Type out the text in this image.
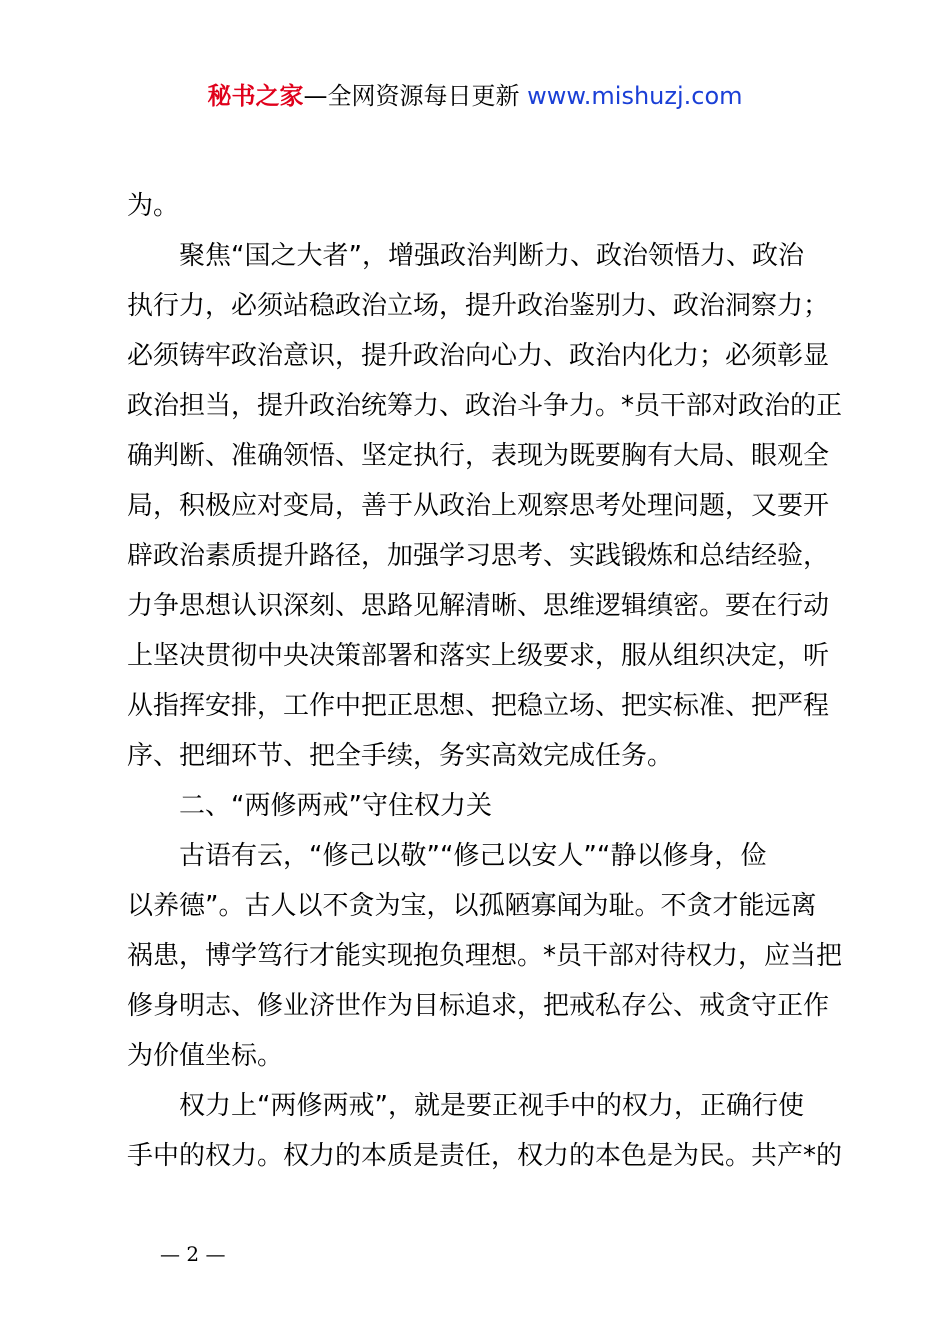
秘书之家—全网资源每日更新 www.mishuzj.com
为。
　　聚焦“国之大者”，增强政治判断力、政治领悟力、政治
执行力，必须站稳政治立场，提升政治鉴别力、政治洞察力；
必须铸牢政治意识，提升政治向心力、政治内化力；必须彰显
政治担当，提升政治统筹力、政治斗争力。*员干部对政治的正
确判断、准确领悟、坚定执行，表现为既要胸有大局、眼观全
局，积极应对变局，善于从政治上观察思考处理问题，又要开
辟政治素质提升路径，加强学习思考、实践锻炼和总结经验，
力争思想认识深刻、思路见解清晰、思维逻辑缜密。要在行动
上坚决贯彻中央决策部署和落实上级要求，服从组织决定，听
从指挥安排，工作中把正思想、把稳立场、把实标准、把严程
序、把细环节、把全手续，务实高效完成任务。
　　二、“两修两戒”守住权力关
　　古语有云，“修己以敬”“修己以安人”“静以修身，俭
以养德”。古人以不贪为宝，以孤陋寡闻为耻。不贪才能远离
祸患，博学笃行才能实现抱负理想。*员干部对待权力，应当把
修身明志、修业济世作为目标追求，把戒私存公、戒贪守正作
为价值坐标。
　　权力上“两修两戒”，就是要正视手中的权力，正确行使
手中的权力。权力的本质是责任，权力的本色是为民。共产*的
— 2 —
